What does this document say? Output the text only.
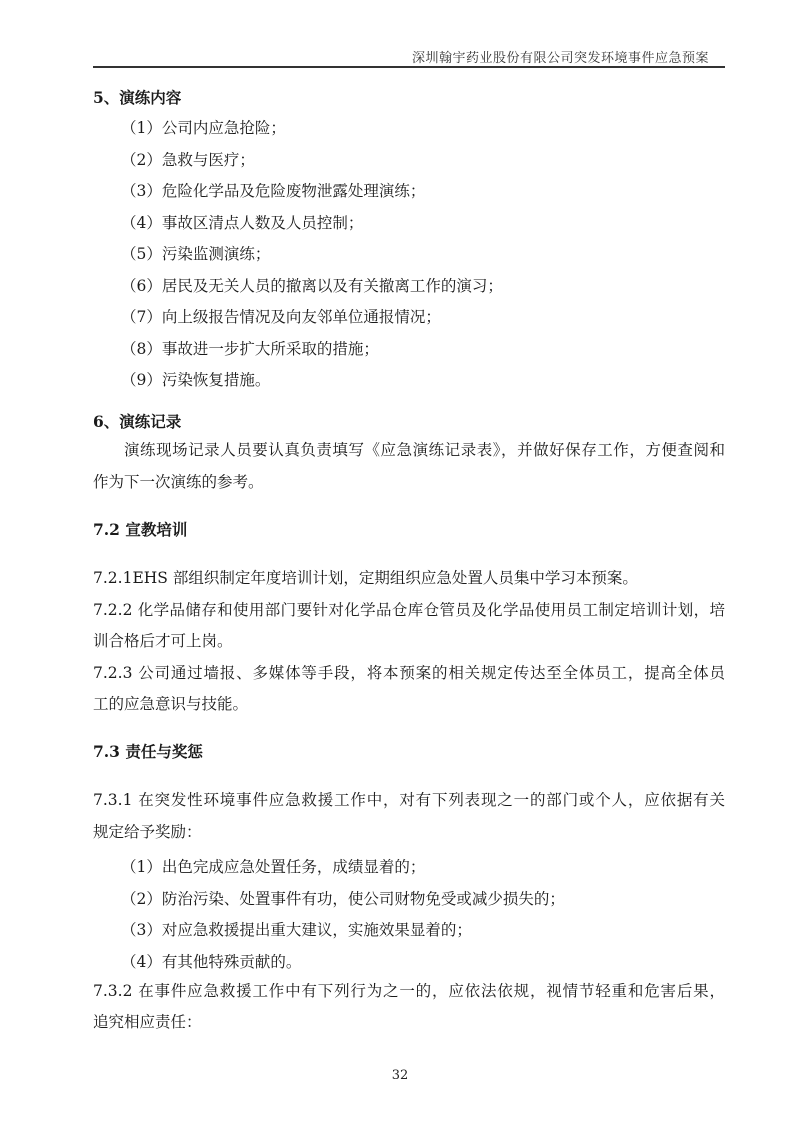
深圳翰宇药业股份有限公司突发环境事件应急预案
5、演练内容
（1）公司内应急抢险；
（2）急救与医疗；
（3）危险化学品及危险废物泄露处理演练；
（4）事故区清点人数及人员控制；
（5）污染监测演练；
（6）居民及无关人员的撤离以及有关撤离工作的演习；
（7）向上级报告情况及向友邻单位通报情况；
（8）事故进一步扩大所采取的措施；
（9）污染恢复措施。
6、演练记录
演练现场记录人员要认真负责填写《应急演练记录表》，并做好保存工作，方便查阅和
作为下一次演练的参考。
7.2 宣教培训
7.2.1EHS 部组织制定年度培训计划，定期组织应急处置人员集中学习本预案。
7.2.2 化学品储存和使用部门要针对化学品仓库仓管员及化学品使用员工制定培训计划，培
训合格后才可上岗。
7.2.3 公司通过墙报、多媒体等手段，将本预案的相关规定传达至全体员工，提高全体员
工的应急意识与技能。
7.3 责任与奖惩
7.3.1 在突发性环境事件应急救援工作中，对有下列表现之一的部门或个人，应依据有关
规定给予奖励：
（1）出色完成应急处置任务，成绩显着的；
（2）防治污染、处置事件有功，使公司财物免受或减少损失的；
（3）对应急救援提出重大建议，实施效果显着的；
（4）有其他特殊贡献的。
7.3.2 在事件应急救援工作中有下列行为之一的，应依法依规，视情节轻重和危害后果，
追究相应责任：
32
